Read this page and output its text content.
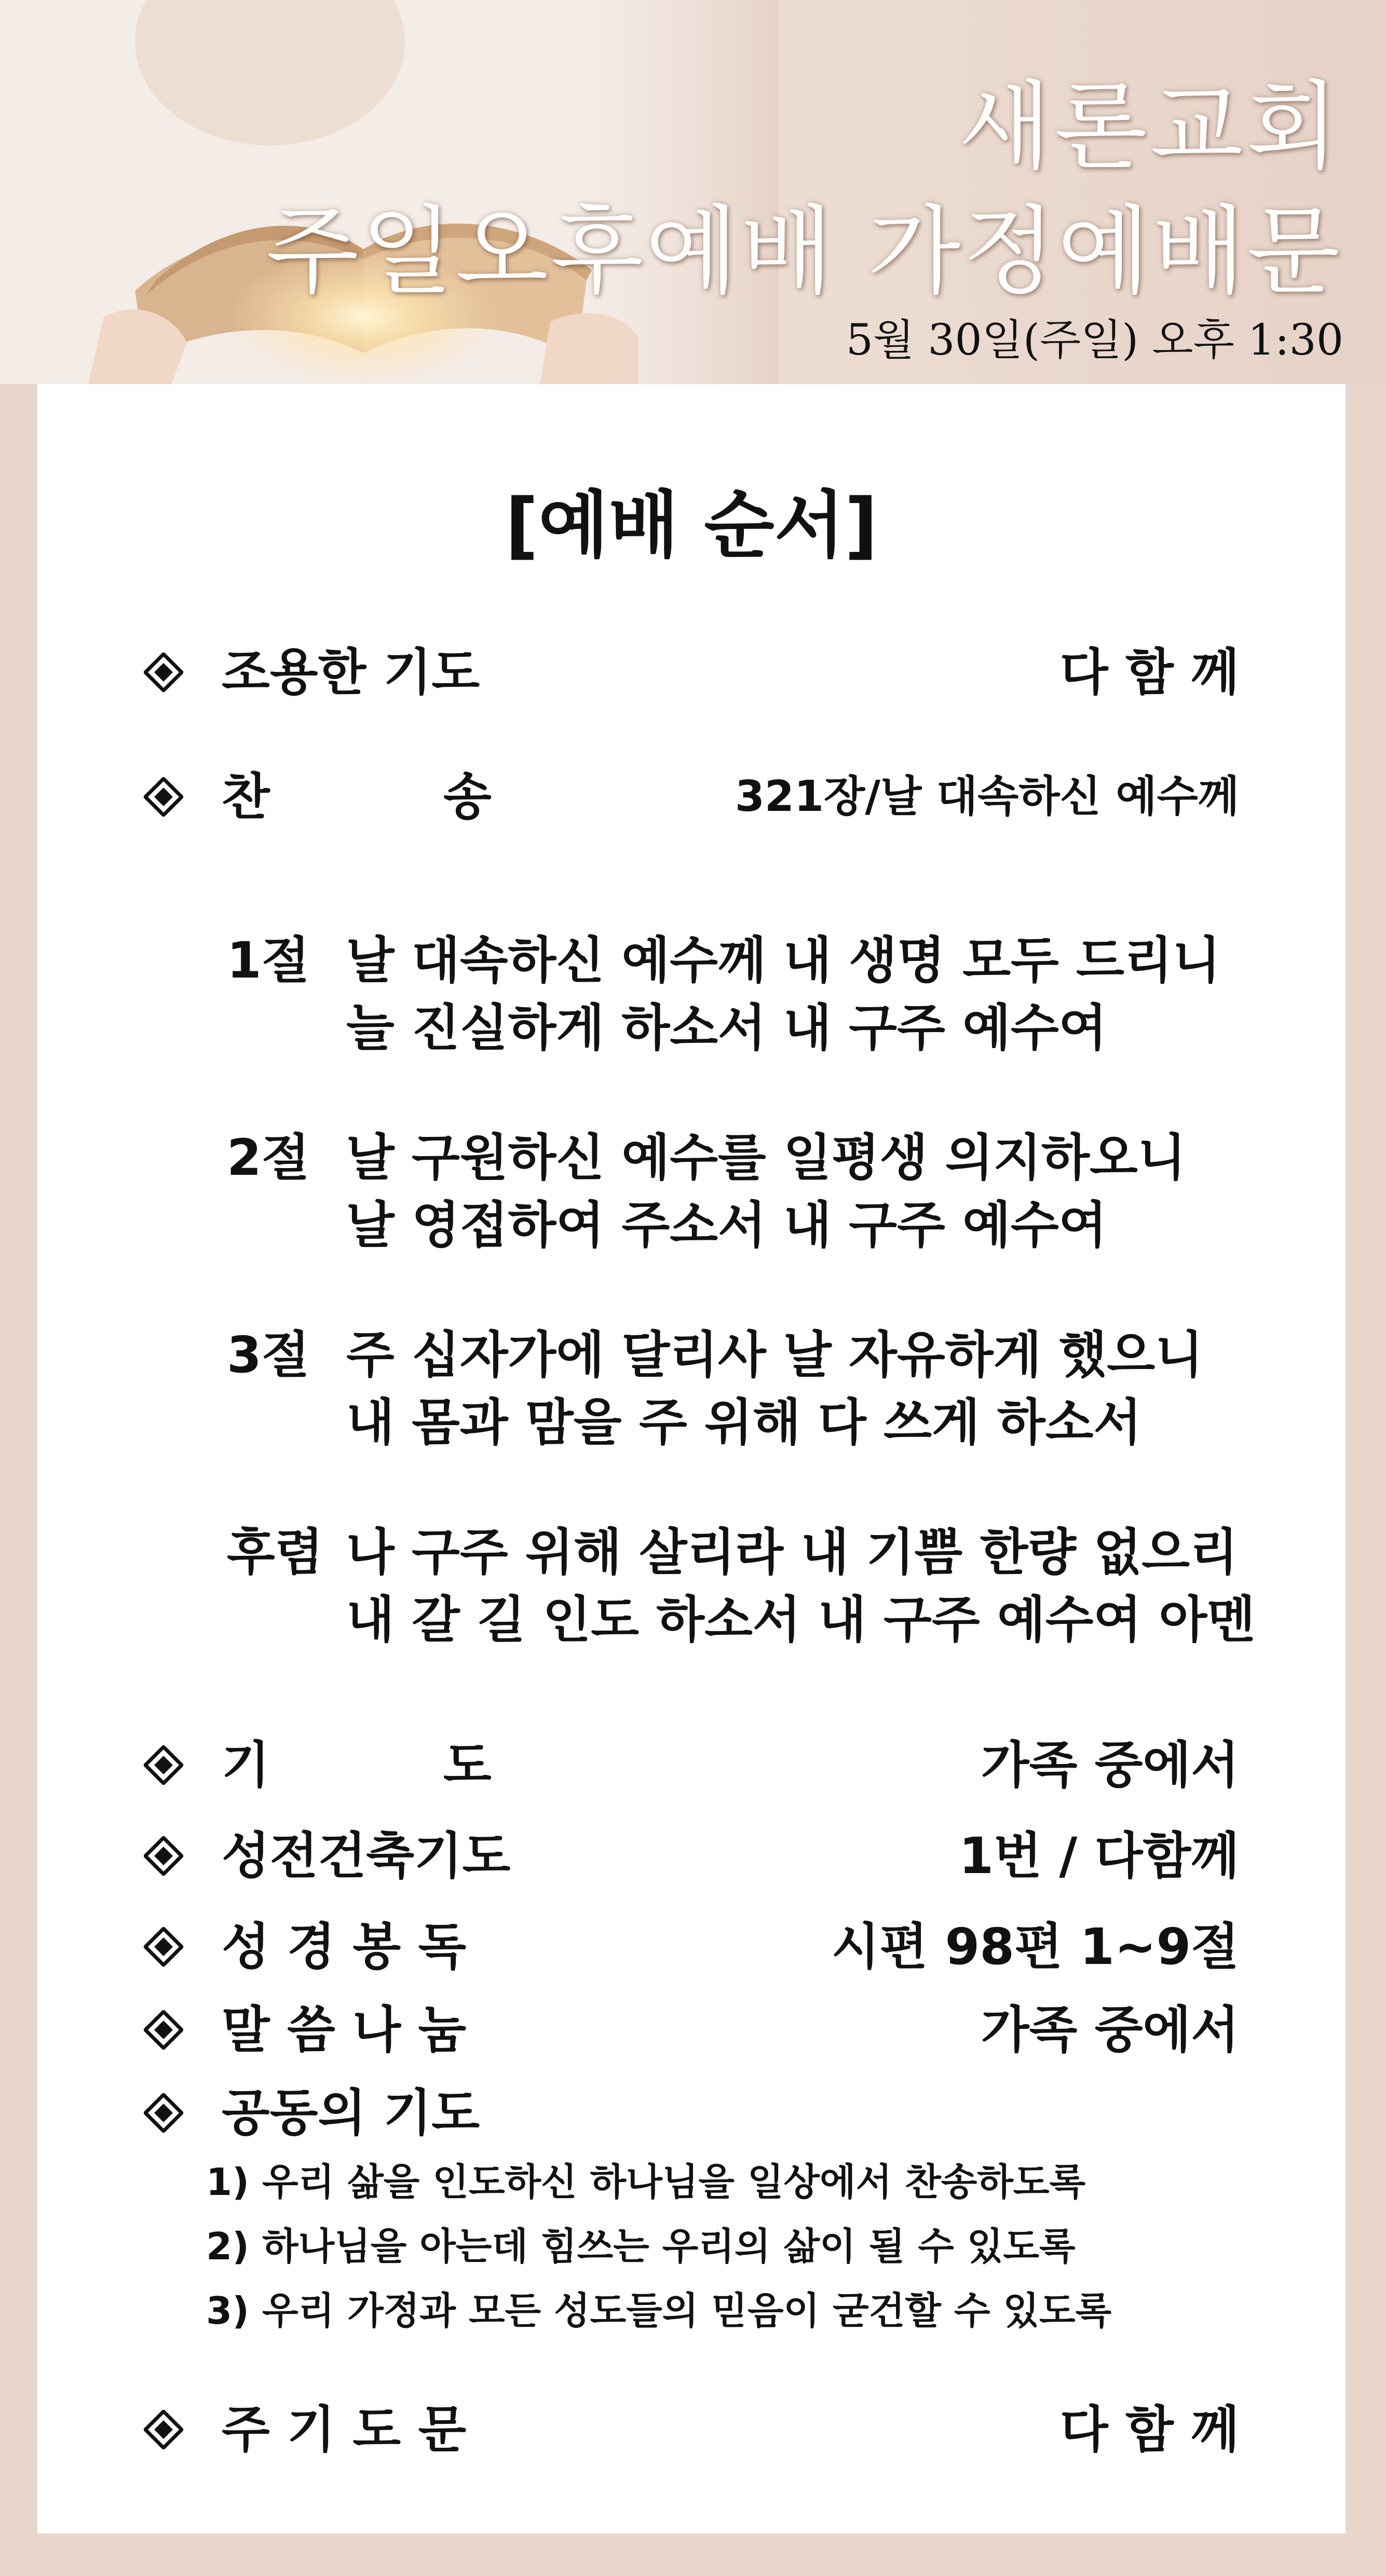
새론교회
주일오후예배 가정예배문
5월 30일(주일) 오후 1:30
[예배 순서]
조용한 기도	다 함 께
찬          송	321장/날 대속하신 예수께
1절 날 대속하신 예수께 내 생명 모두 드리니
늘 진실하게 하소서 내 구주 예수여
2절 날 구원하신 예수를 일평생 의지하오니
날 영접하여 주소서 내 구주 예수여
3절 주 십자가에 달리사 날 자유하게 했으니
내 몸과 맘을 주 위해 다 쓰게 하소서
후렴 나 구주 위해 살리라 내 기쁨 한량 없으리
내 갈 길 인도 하소서 내 구주 예수여 아멘
기          도	가족 중에서
성전건축기도	1번 / 다함께
성 경 봉 독	시편 98편 1~9절
말 씀 나 눔	가족 중에서
공동의 기도
1) 우리 삶을 인도하신 하나님을 일상에서 찬송하도록
2) 하나님을 아는데 힘쓰는 우리의 삶이 될 수 있도록
3) 우리 가정과 모든 성도들의 믿음이 굳건할 수 있도록
주 기 도 문	다 함 께
